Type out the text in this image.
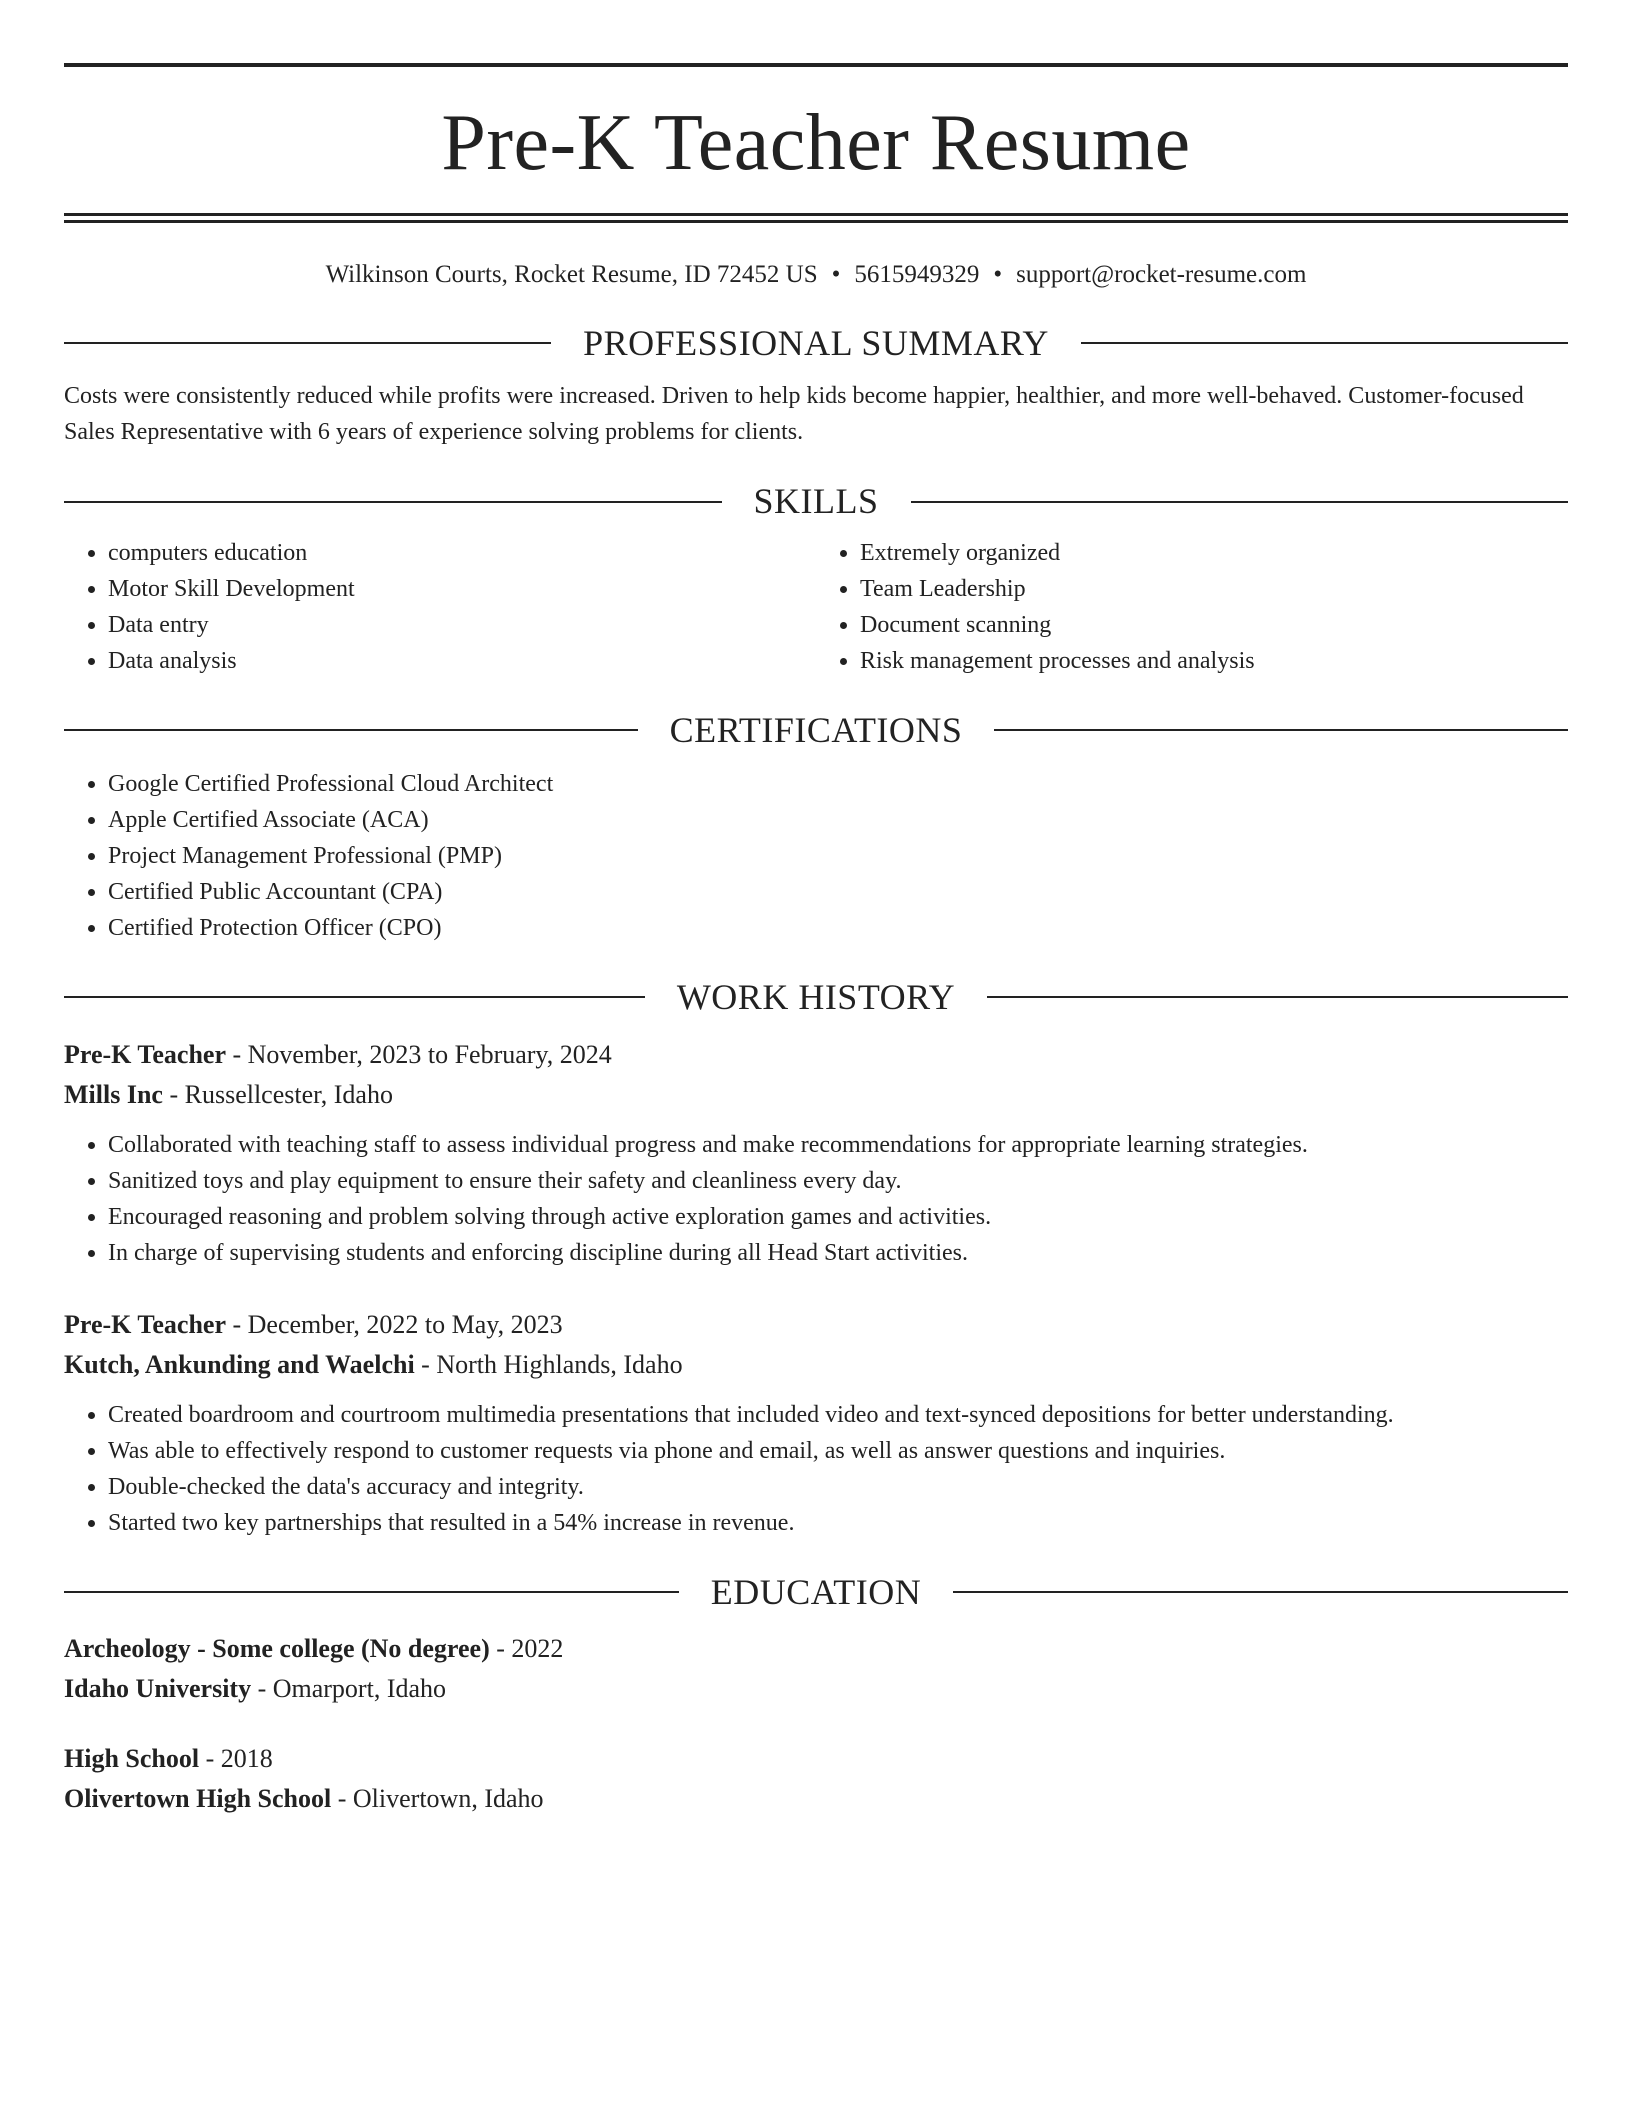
Pre-K Teacher Resume
Wilkinson Courts, Rocket Resume, ID 72452 US • 5615949329 • support@rocket-resume.com
PROFESSIONAL SUMMARY

Costs were consistently reduced while profits were increased. Driven to help kids become happier, healthier, and more well-behaved. Customer-focused Sales Representative with 6 years of experience solving problems for clients.

SKILLS
• computers education
• Motor Skill Development
• Data entry
• Data analysis
• Extremely organized
• Team Leadership
• Document scanning
• Risk management processes and analysis
CERTIFICATIONS
• Google Certified Professional Cloud Architect
• Apple Certified Associate (ACA)
• Project Management Professional (PMP)
• Certified Public Accountant (CPA)
• Certified Protection Officer (CPO)
WORK HISTORY
Pre-K Teacher - November, 2023 to February, 2024
Mills Inc - Russellcester, Idaho
• Collaborated with teaching staff to assess individual progress and make recommendations for appropriate learning strategies.
• Sanitized toys and play equipment to ensure their safety and cleanliness every day.
• Encouraged reasoning and problem solving through active exploration games and activities.
• In charge of supervising students and enforcing discipline during all Head Start activities.
Pre-K Teacher - December, 2022 to May, 2023
Kutch, Ankunding and Waelchi - North Highlands, Idaho
• Created boardroom and courtroom multimedia presentations that included video and text-synced depositions for better understanding.
• Was able to effectively respond to customer requests via phone and email, as well as answer questions and inquiries.
• Double-checked the data's accuracy and integrity.
• Started two key partnerships that resulted in a 54% increase in revenue.
EDUCATION
Archeology - Some college (No degree) - 2022
Idaho University - Omarport, Idaho
High School - 2018
Olivertown High School - Olivertown, Idaho
